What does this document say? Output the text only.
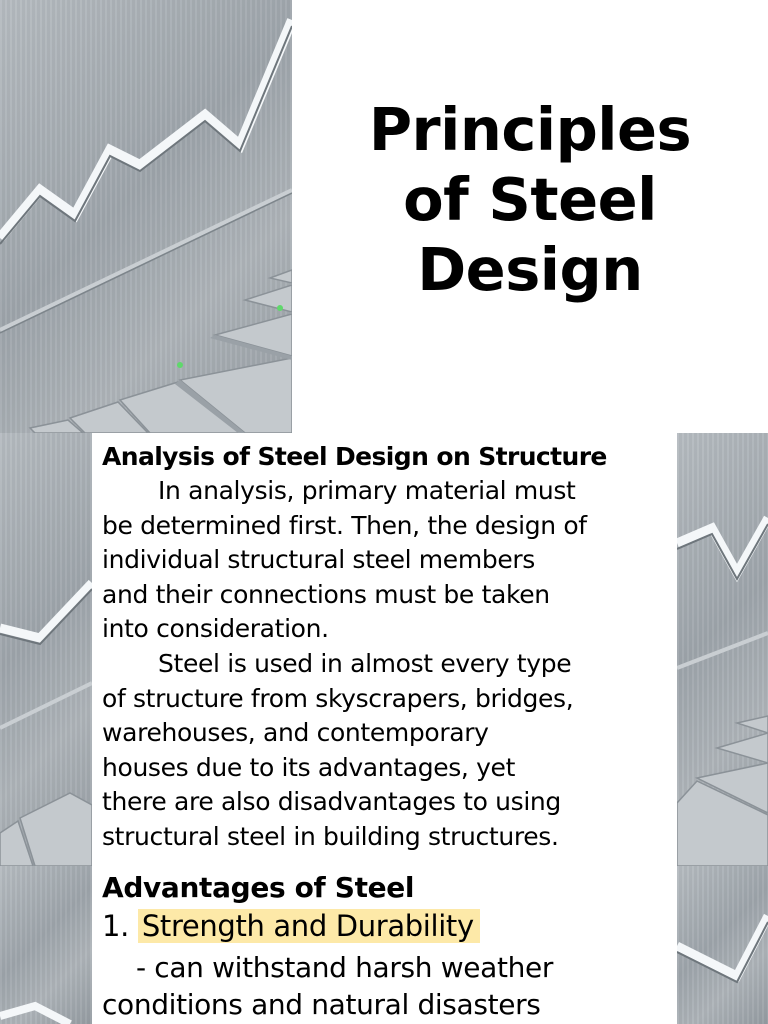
Principles
of Steel
Design
Analysis of Steel Design on Structure
In analysis, primary material must
be determined first. Then, the design of
individual structural steel members
and their connections must be taken
into consideration.
Steel is used in almost every type
of structure from skyscrapers, bridges,
warehouses, and contemporary
houses due to its advantages, yet
there are also disadvantages to using
structural steel in building structures.
Advantages of Steel
1. Strength and Durability
- can withstand harsh weather
conditions and natural disasters
